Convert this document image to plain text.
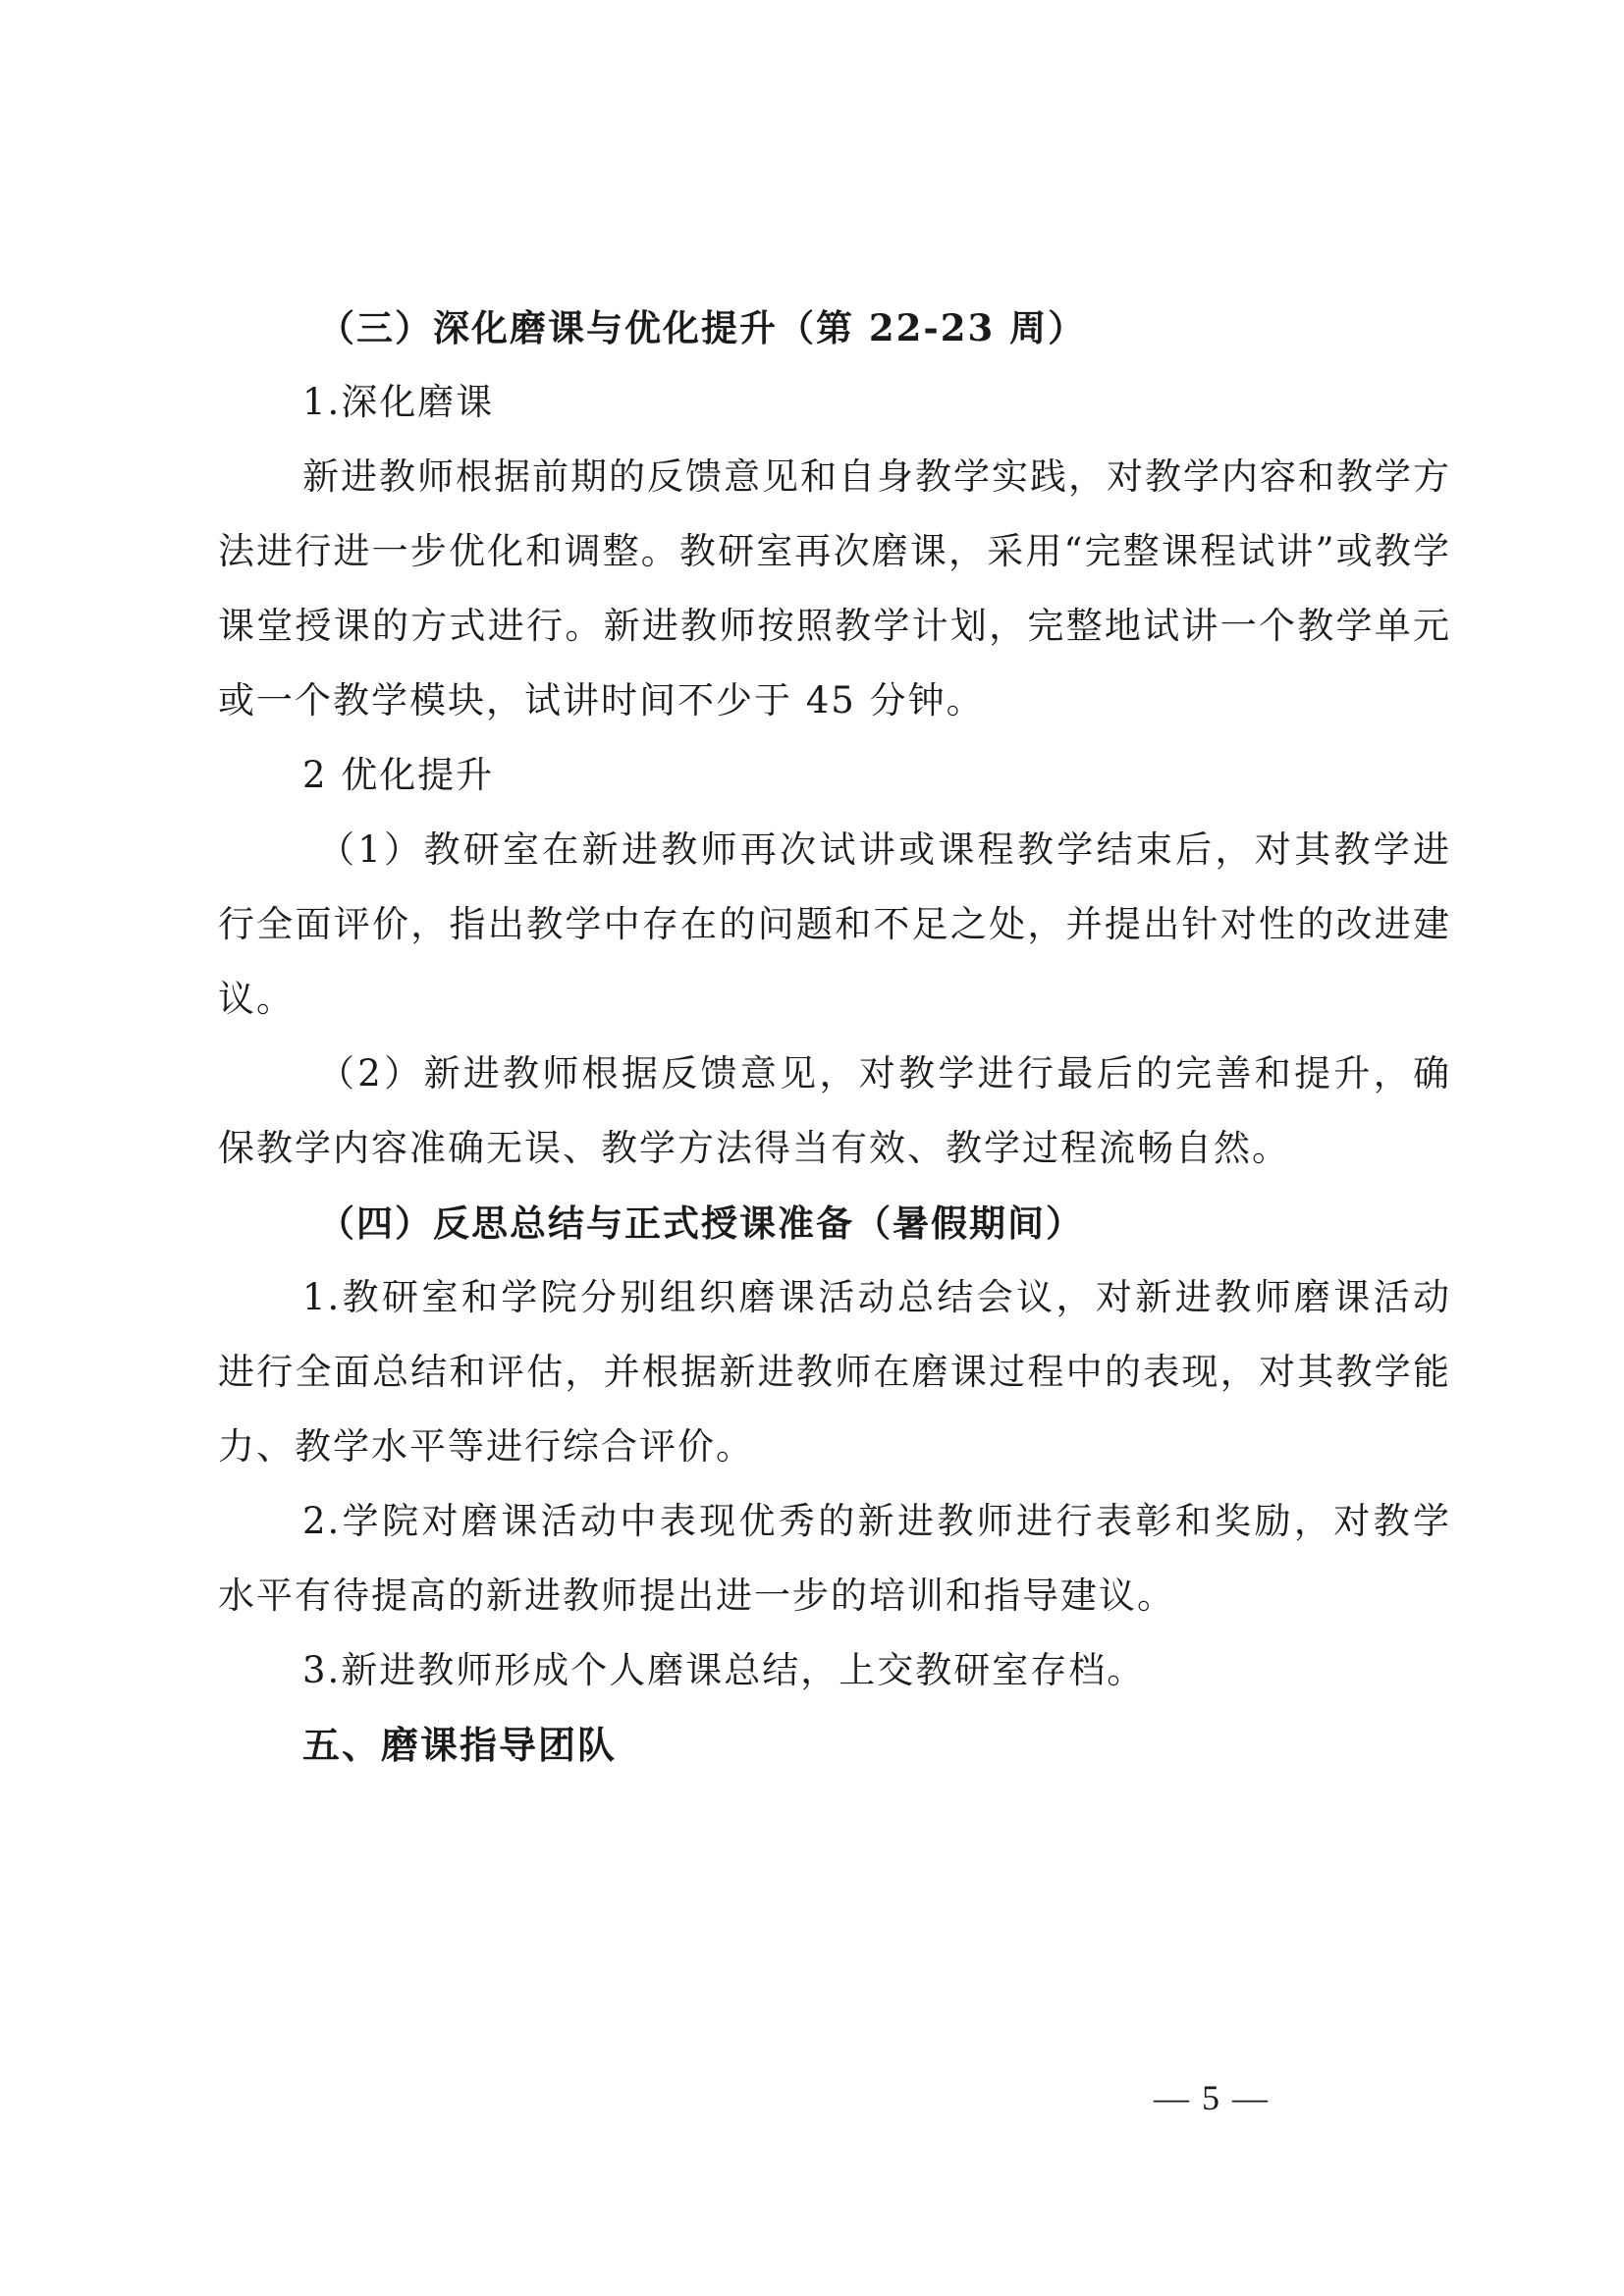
（三）深化磨课与优化提升（第 22-23 周）

1.深化磨课

新进教师根据前期的反馈意见和自身教学实践，对教学内容和教学方法进行进一步优化和调整。教研室再次磨课，采用“完整课程试讲”或教学课堂授课的方式进行。新进教师按照教学计划，完整地试讲一个教学单元或一个教学模块，试讲时间不少于 45 分钟。

2 优化提升

（1）教研室在新进教师再次试讲或课程教学结束后，对其教学进行全面评价，指出教学中存在的问题和不足之处，并提出针对性的改进建议。

（2）新进教师根据反馈意见，对教学进行最后的完善和提升，确保教学内容准确无误、教学方法得当有效、教学过程流畅自然。

（四）反思总结与正式授课准备（暑假期间）

1.教研室和学院分别组织磨课活动总结会议，对新进教师磨课活动进行全面总结和评估，并根据新进教师在磨课过程中的表现，对其教学能力、教学水平等进行综合评价。

2.学院对磨课活动中表现优秀的新进教师进行表彰和奖励，对教学水平有待提高的新进教师提出进一步的培训和指导建议。

3.新进教师形成个人磨课总结，上交教研室存档。

五、磨课指导团队

— 5 —
